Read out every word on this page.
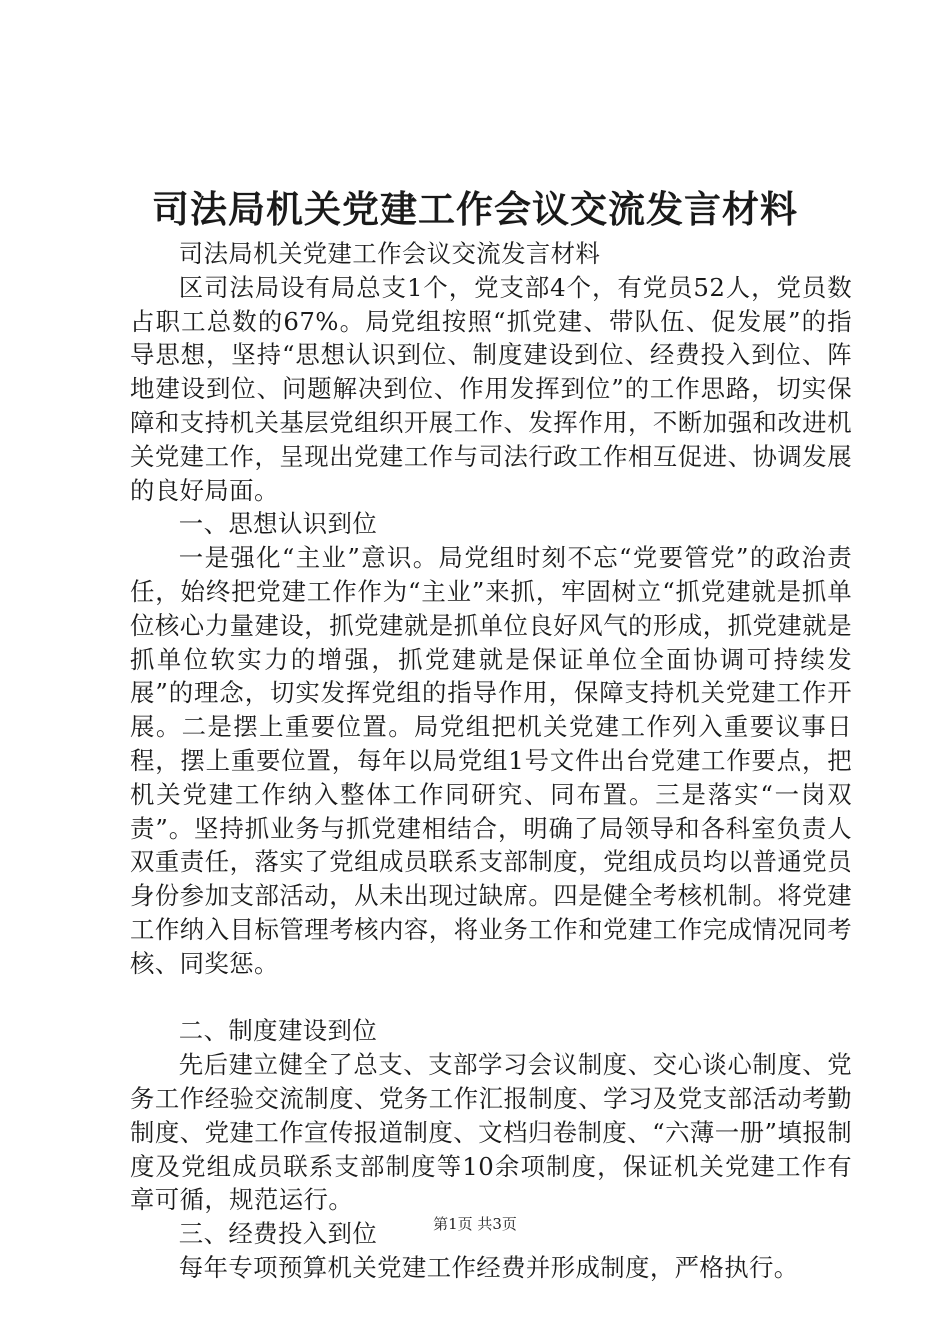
司法局机关党建工作会议交流发言材料

司法局机关党建工作会议交流发言材料

区司法局设有局总支1个，党支部4个，有党员52人，党员数占职工总数的67%。局党组按照“抓党建、带队伍、促发展”的指导思想，坚持“思想认识到位、制度建设到位、经费投入到位、阵地建设到位、问题解决到位、作用发挥到位”的工作思路，切实保障和支持机关基层党组织开展工作、发挥作用，不断加强和改进机关党建工作，呈现出党建工作与司法行政工作相互促进、协调发展的良好局面。

一、思想认识到位

一是强化“主业”意识。局党组时刻不忘“党要管党”的政治责任，始终把党建工作作为“主业”来抓，牢固树立“抓党建就是抓单位核心力量建设，抓党建就是抓单位良好风气的形成，抓党建就是抓单位软实力的增强，抓党建就是保证单位全面协调可持续发展”的理念，切实发挥党组的指导作用，保障支持机关党建工作开展。二是摆上重要位置。局党组把机关党建工作列入重要议事日程，摆上重要位置，每年以局党组1号文件出台党建工作要点，把机关党建工作纳入整体工作同研究、同布置。三是落实“一岗双责”。坚持抓业务与抓党建相结合，明确了局领导和各科室负责人双重责任，落实了党组成员联系支部制度，党组成员均以普通党员身份参加支部活动，从未出现过缺席。四是健全考核机制。将党建工作纳入目标管理考核内容，将业务工作和党建工作完成情况同考核、同奖惩。

二、制度建设到位

先后建立健全了总支、支部学习会议制度、交心谈心制度、党务工作经验交流制度、党务工作汇报制度、学习及党支部活动考勤制度、党建工作宣传报道制度、文档归卷制度、“六薄一册”填报制度及党组成员联系支部制度等10余项制度，保证机关党建工作有章可循，规范运行。

三、经费投入到位

每年专项预算机关党建工作经费并形成制度，严格执行。

第1页 共3页
